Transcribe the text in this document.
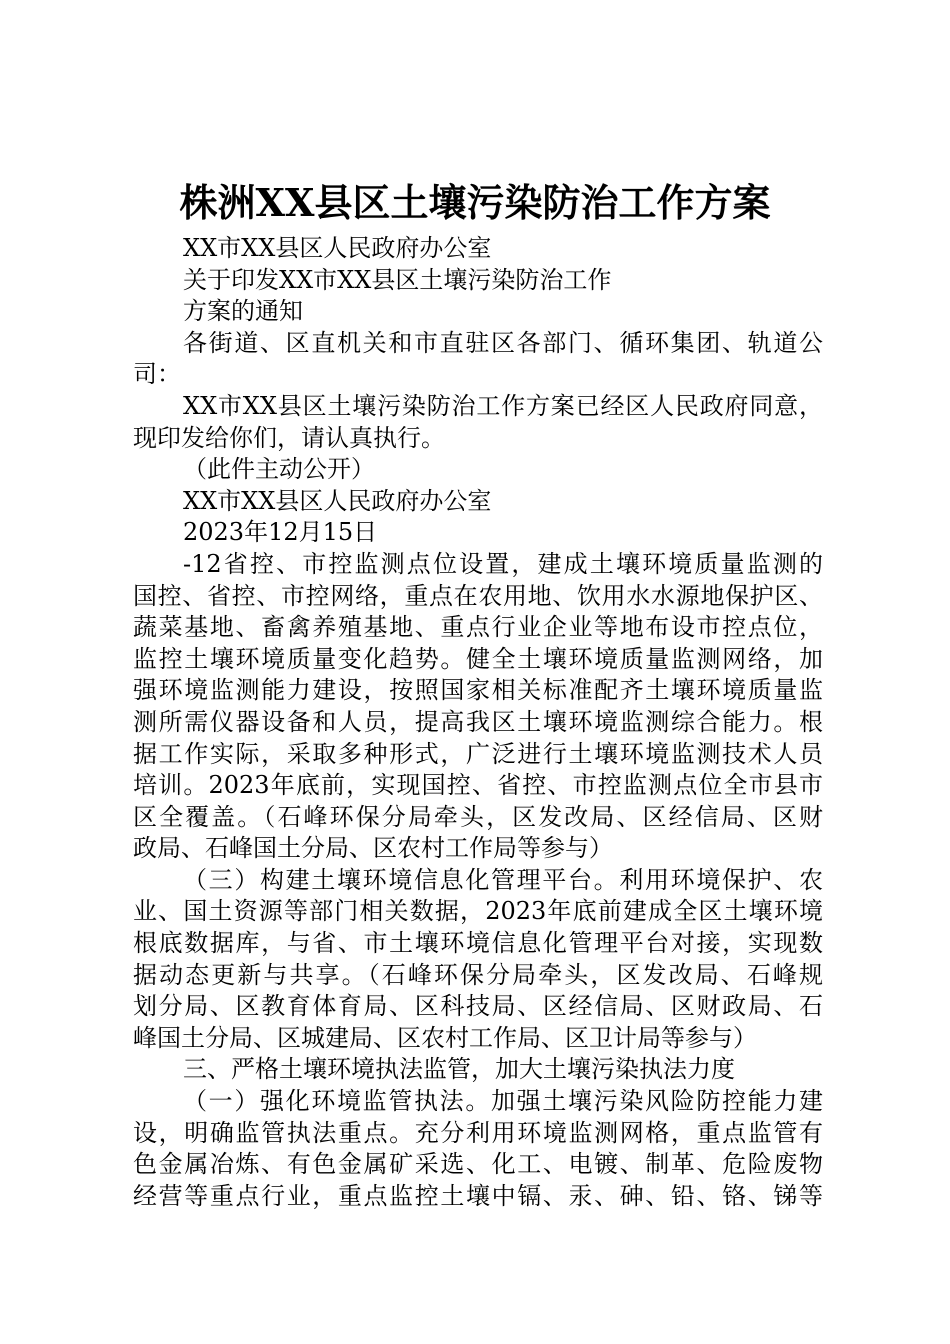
株洲XX县区土壤污染防治工作方案
XX市XX县区人民政府办公室
关于印发XX市XX县区土壤污染防治工作
方案的通知
各街道、区直机关和市直驻区各部门、循环集团、轨道公
司：
XX市XX县区土壤污染防治工作方案已经区人民政府同意，
现印发给你们，请认真执行。
（此件主动公开）
XX市XX县区人民政府办公室
2023年12月15日
-12省控、市控监测点位设置，建成土壤环境质量监测的
国控、省控、市控网络，重点在农用地、饮用水水源地保护区、
蔬菜基地、畜禽养殖基地、重点行业企业等地布设市控点位，
监控土壤环境质量变化趋势。健全土壤环境质量监测网络，加
强环境监测能力建设，按照国家相关标准配齐土壤环境质量监
测所需仪器设备和人员，提高我区土壤环境监测综合能力。根
据工作实际，采取多种形式，广泛进行土壤环境监测技术人员
培训。2023年底前，实现国控、省控、市控监测点位全市县市
区全覆盖。（石峰环保分局牵头，区发改局、区经信局、区财
政局、石峰国土分局、区农村工作局等参与）
（三）构建土壤环境信息化管理平台。利用环境保护、农
业、国土资源等部门相关数据，2023年底前建成全区土壤环境
根底数据库，与省、市土壤环境信息化管理平台对接，实现数
据动态更新与共享。（石峰环保分局牵头，区发改局、石峰规
划分局、区教育体育局、区科技局、区经信局、区财政局、石
峰国土分局、区城建局、区农村工作局、区卫计局等参与）
三、严格土壤环境执法监管，加大土壤污染执法力度
（一）强化环境监管执法。加强土壤污染风险防控能力建
设，明确监管执法重点。充分利用环境监测网格，重点监管有
色金属冶炼、有色金属矿采选、化工、电镀、制革、危险废物
经营等重点行业，重点监控土壤中镉、汞、砷、铅、铬、锑等
